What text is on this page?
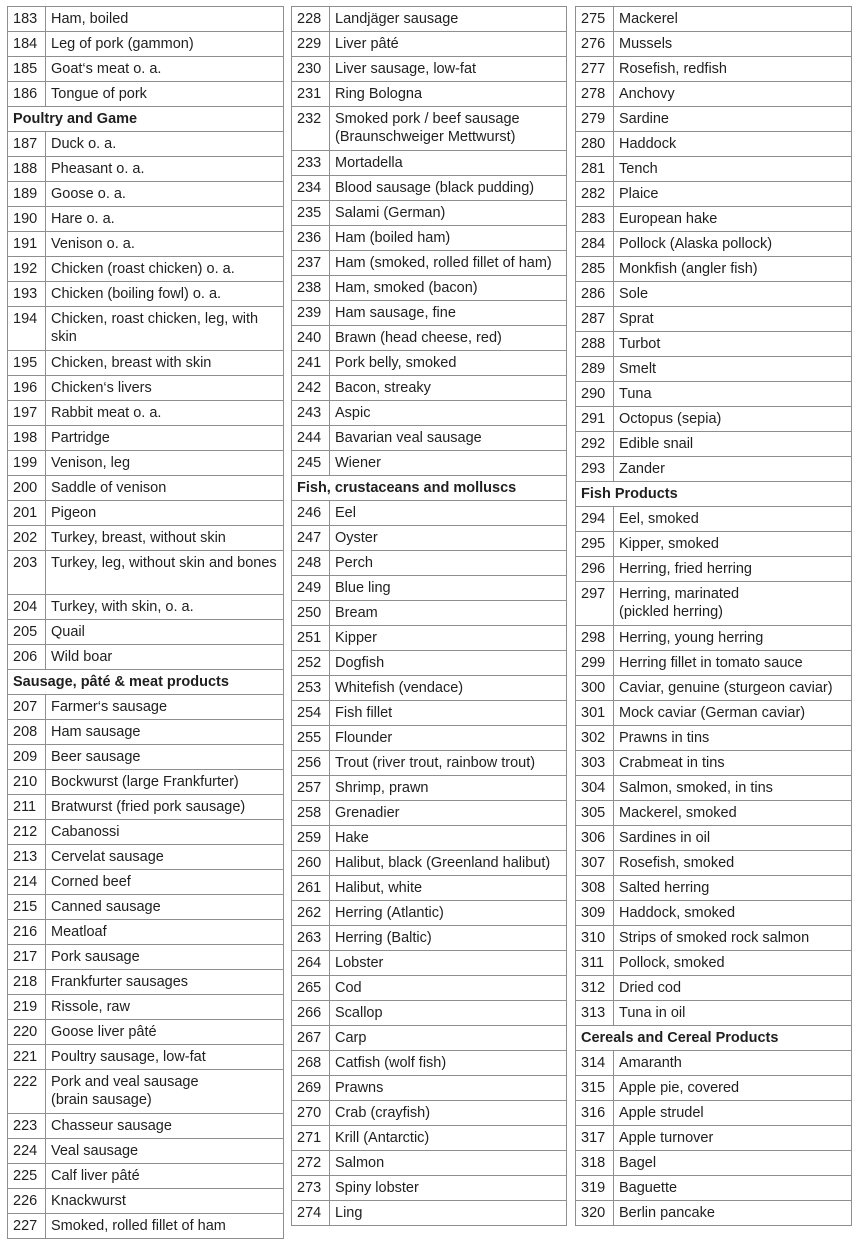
183	Ham, boiled
184	Leg of pork (gammon)
185	Goat‘s meat o. a.
186	Tongue of pork
Poultry and Game	
187	Duck o. a.
188	Pheasant o. a.
189	Goose o. a.
190	Hare o. a.
191	Venison o. a.
192	Chicken (roast chicken) o. a.
193	Chicken (boiling fowl) o. a.
194	Chicken, roast chicken, leg, with skin
195	Chicken, breast with skin
196	Chicken‘s livers
197	Rabbit meat o. a.
198	Partridge
199	Venison, leg
200	Saddle of venison
201	Pigeon
202	Turkey, breast, without skin
203	Turkey, leg, without skin and bones
204	Turkey, with skin, o. a.
205	Quail
206	Wild boar
Sausage, pâté & meat products	
207	Farmer‘s sausage
208	Ham sausage
209	Beer sausage
210	Bockwurst (large Frankfurter)
211	Bratwurst (fried pork sausage)
212	Cabanossi
213	Cervelat sausage
214	Corned beef
215	Canned sausage
216	Meatloaf
217	Pork sausage
218	Frankfurter sausages
219	Rissole, raw
220	Goose liver pâté
221	Poultry sausage, low-fat
222	Pork and veal sausage
(brain sausage)
223	Chasseur sausage
224	Veal sausage
225	Calf liver pâté
226	Knackwurst
227	Smoked, rolled fillet of ham
228	Landjäger sausage
229	Liver pâté
230	Liver sausage, low-fat
231	Ring Bologna
232	Smoked pork / beef sausage
(Braunschweiger Mettwurst)
233	Mortadella
234	Blood sausage (black pudding)
235	Salami (German)
236	Ham (boiled ham)
237	Ham (smoked, rolled fillet of ham)
238	Ham, smoked (bacon)
239	Ham sausage, fine
240	Brawn (head cheese, red)
241	Pork belly, smoked
242	Bacon, streaky
243	Aspic
244	Bavarian veal sausage
245	Wiener
Fish, crustaceans and molluscs	
246	Eel
247	Oyster
248	Perch
249	Blue ling
250	Bream
251	Kipper
252	Dogfish
253	Whitefish (vendace)
254	Fish fillet
255	Flounder
256	Trout (river trout, rainbow trout)
257	Shrimp, prawn
258	Grenadier
259	Hake
260	Halibut, black (Greenland halibut)
261	Halibut, white
262	Herring (Atlantic)
263	Herring (Baltic)
264	Lobster
265	Cod
266	Scallop
267	Carp
268	Catfish (wolf fish)
269	Prawns
270	Crab (crayfish)
271	Krill (Antarctic)
272	Salmon
273	Spiny lobster
274	Ling
275	Mackerel
276	Mussels
277	Rosefish, redfish
278	Anchovy
279	Sardine
280	Haddock
281	Tench
282	Plaice
283	European hake
284	Pollock (Alaska pollock)
285	Monkfish (angler fish)
286	Sole
287	Sprat
288	Turbot
289	Smelt
290	Tuna
291	Octopus (sepia)
292	Edible snail
293	Zander
Fish Products	
294	Eel, smoked
295	Kipper, smoked
296	Herring, fried herring
297	Herring, marinated
(pickled herring)
298	Herring, young herring
299	Herring fillet in tomato sauce
300	Caviar, genuine (sturgeon caviar)
301	Mock caviar (German caviar)
302	Prawns in tins
303	Crabmeat in tins
304	Salmon, smoked, in tins
305	Mackerel, smoked
306	Sardines in oil
307	Rosefish, smoked
308	Salted herring
309	Haddock, smoked
310	Strips of smoked rock salmon
311	Pollock, smoked
312	Dried cod
313	Tuna in oil
Cereals and Cereal Products	
314	Amaranth
315	Apple pie, covered
316	Apple strudel
317	Apple turnover
318	Bagel
319	Baguette
320	Berlin pancake
